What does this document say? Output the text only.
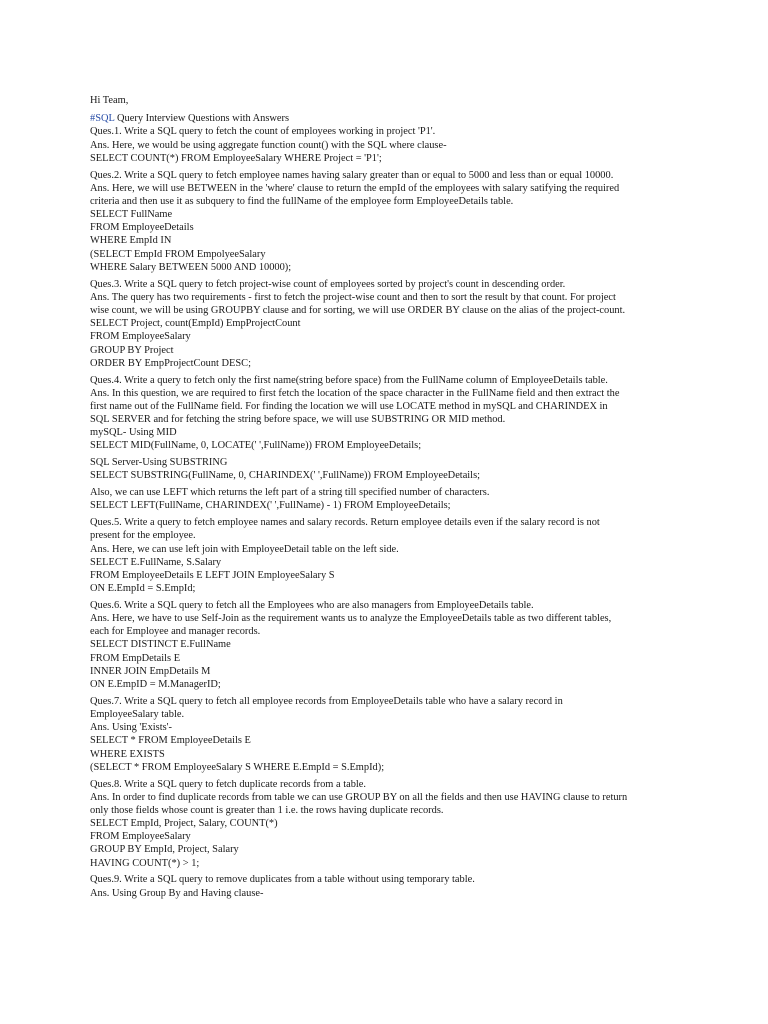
Hi Team,
#SQL Query Interview Questions with Answers
Ques.1. Write a SQL query to fetch the count of employees working in project 'P1'.
Ans. Here, we would be using aggregate function count() with the SQL where clause-
SELECT COUNT(*) FROM EmployeeSalary WHERE Project = 'P1';
Ques.2. Write a SQL query to fetch employee names having salary greater than or equal to 5000 and less than or equal 10000.
Ans. Here, we will use BETWEEN in the 'where' clause to return the empId of the employees with salary satifying the required
criteria and then use it as subquery to find the fullName of the employee form EmployeeDetails table.
SELECT FullName
FROM EmployeeDetails
WHERE EmpId IN
(SELECT EmpId FROM EmpolyeeSalary
WHERE Salary BETWEEN 5000 AND 10000);
Ques.3. Write a SQL query to fetch project-wise count of employees sorted by project's count in descending order.
Ans. The query has two requirements - first to fetch the project-wise count and then to sort the result by that count. For project
wise count, we will be using GROUPBY clause and for sorting, we will use ORDER BY clause on the alias of the project-count.
SELECT Project, count(EmpId) EmpProjectCount
FROM EmployeeSalary
GROUP BY Project
ORDER BY EmpProjectCount DESC;
Ques.4. Write a query to fetch only the first name(string before space) from the FullName column of EmployeeDetails table.
Ans. In this question, we are required to first fetch the location of the space character in the FullName field and then extract the
first name out of the FullName field. For finding the location we will use LOCATE method in mySQL and CHARINDEX in
SQL SERVER and for fetching the string before space, we will use SUBSTRING OR MID method.
mySQL- Using MID
SELECT MID(FullName, 0, LOCATE(' ',FullName)) FROM EmployeeDetails;
SQL Server-Using SUBSTRING
SELECT SUBSTRING(FullName, 0, CHARINDEX(' ',FullName)) FROM EmployeeDetails;
Also, we can use LEFT which returns the left part of a string till specified number of characters.
SELECT LEFT(FullName, CHARINDEX(' ',FullName) - 1) FROM EmployeeDetails;
Ques.5. Write a query to fetch employee names and salary records. Return employee details even if the salary record is not
present for the employee.
Ans. Here, we can use left join with EmployeeDetail table on the left side.
SELECT E.FullName, S.Salary
FROM EmployeeDetails E LEFT JOIN EmployeeSalary S
ON E.EmpId = S.EmpId;
Ques.6. Write a SQL query to fetch all the Employees who are also managers from EmployeeDetails table.
Ans. Here, we have to use Self-Join as the requirement wants us to analyze the EmployeeDetails table as two different tables,
each for Employee and manager records.
SELECT DISTINCT E.FullName
FROM EmpDetails E
INNER JOIN EmpDetails M
ON E.EmpID = M.ManagerID;
Ques.7. Write a SQL query to fetch all employee records from EmployeeDetails table who have a salary record in
EmployeeSalary table.
Ans. Using 'Exists'-
SELECT * FROM EmployeeDetails E
WHERE EXISTS
(SELECT * FROM EmployeeSalary S WHERE E.EmpId = S.EmpId);
Ques.8. Write a SQL query to fetch duplicate records from a table.
Ans. In order to find duplicate records from table we can use GROUP BY on all the fields and then use HAVING clause to return
only those fields whose count is greater than 1 i.e. the rows having duplicate records.
SELECT EmpId, Project, Salary, COUNT(*)
FROM EmployeeSalary
GROUP BY EmpId, Project, Salary
HAVING COUNT(*) > 1;
Ques.9. Write a SQL query to remove duplicates from a table without using temporary table.
Ans. Using Group By and Having clause-
